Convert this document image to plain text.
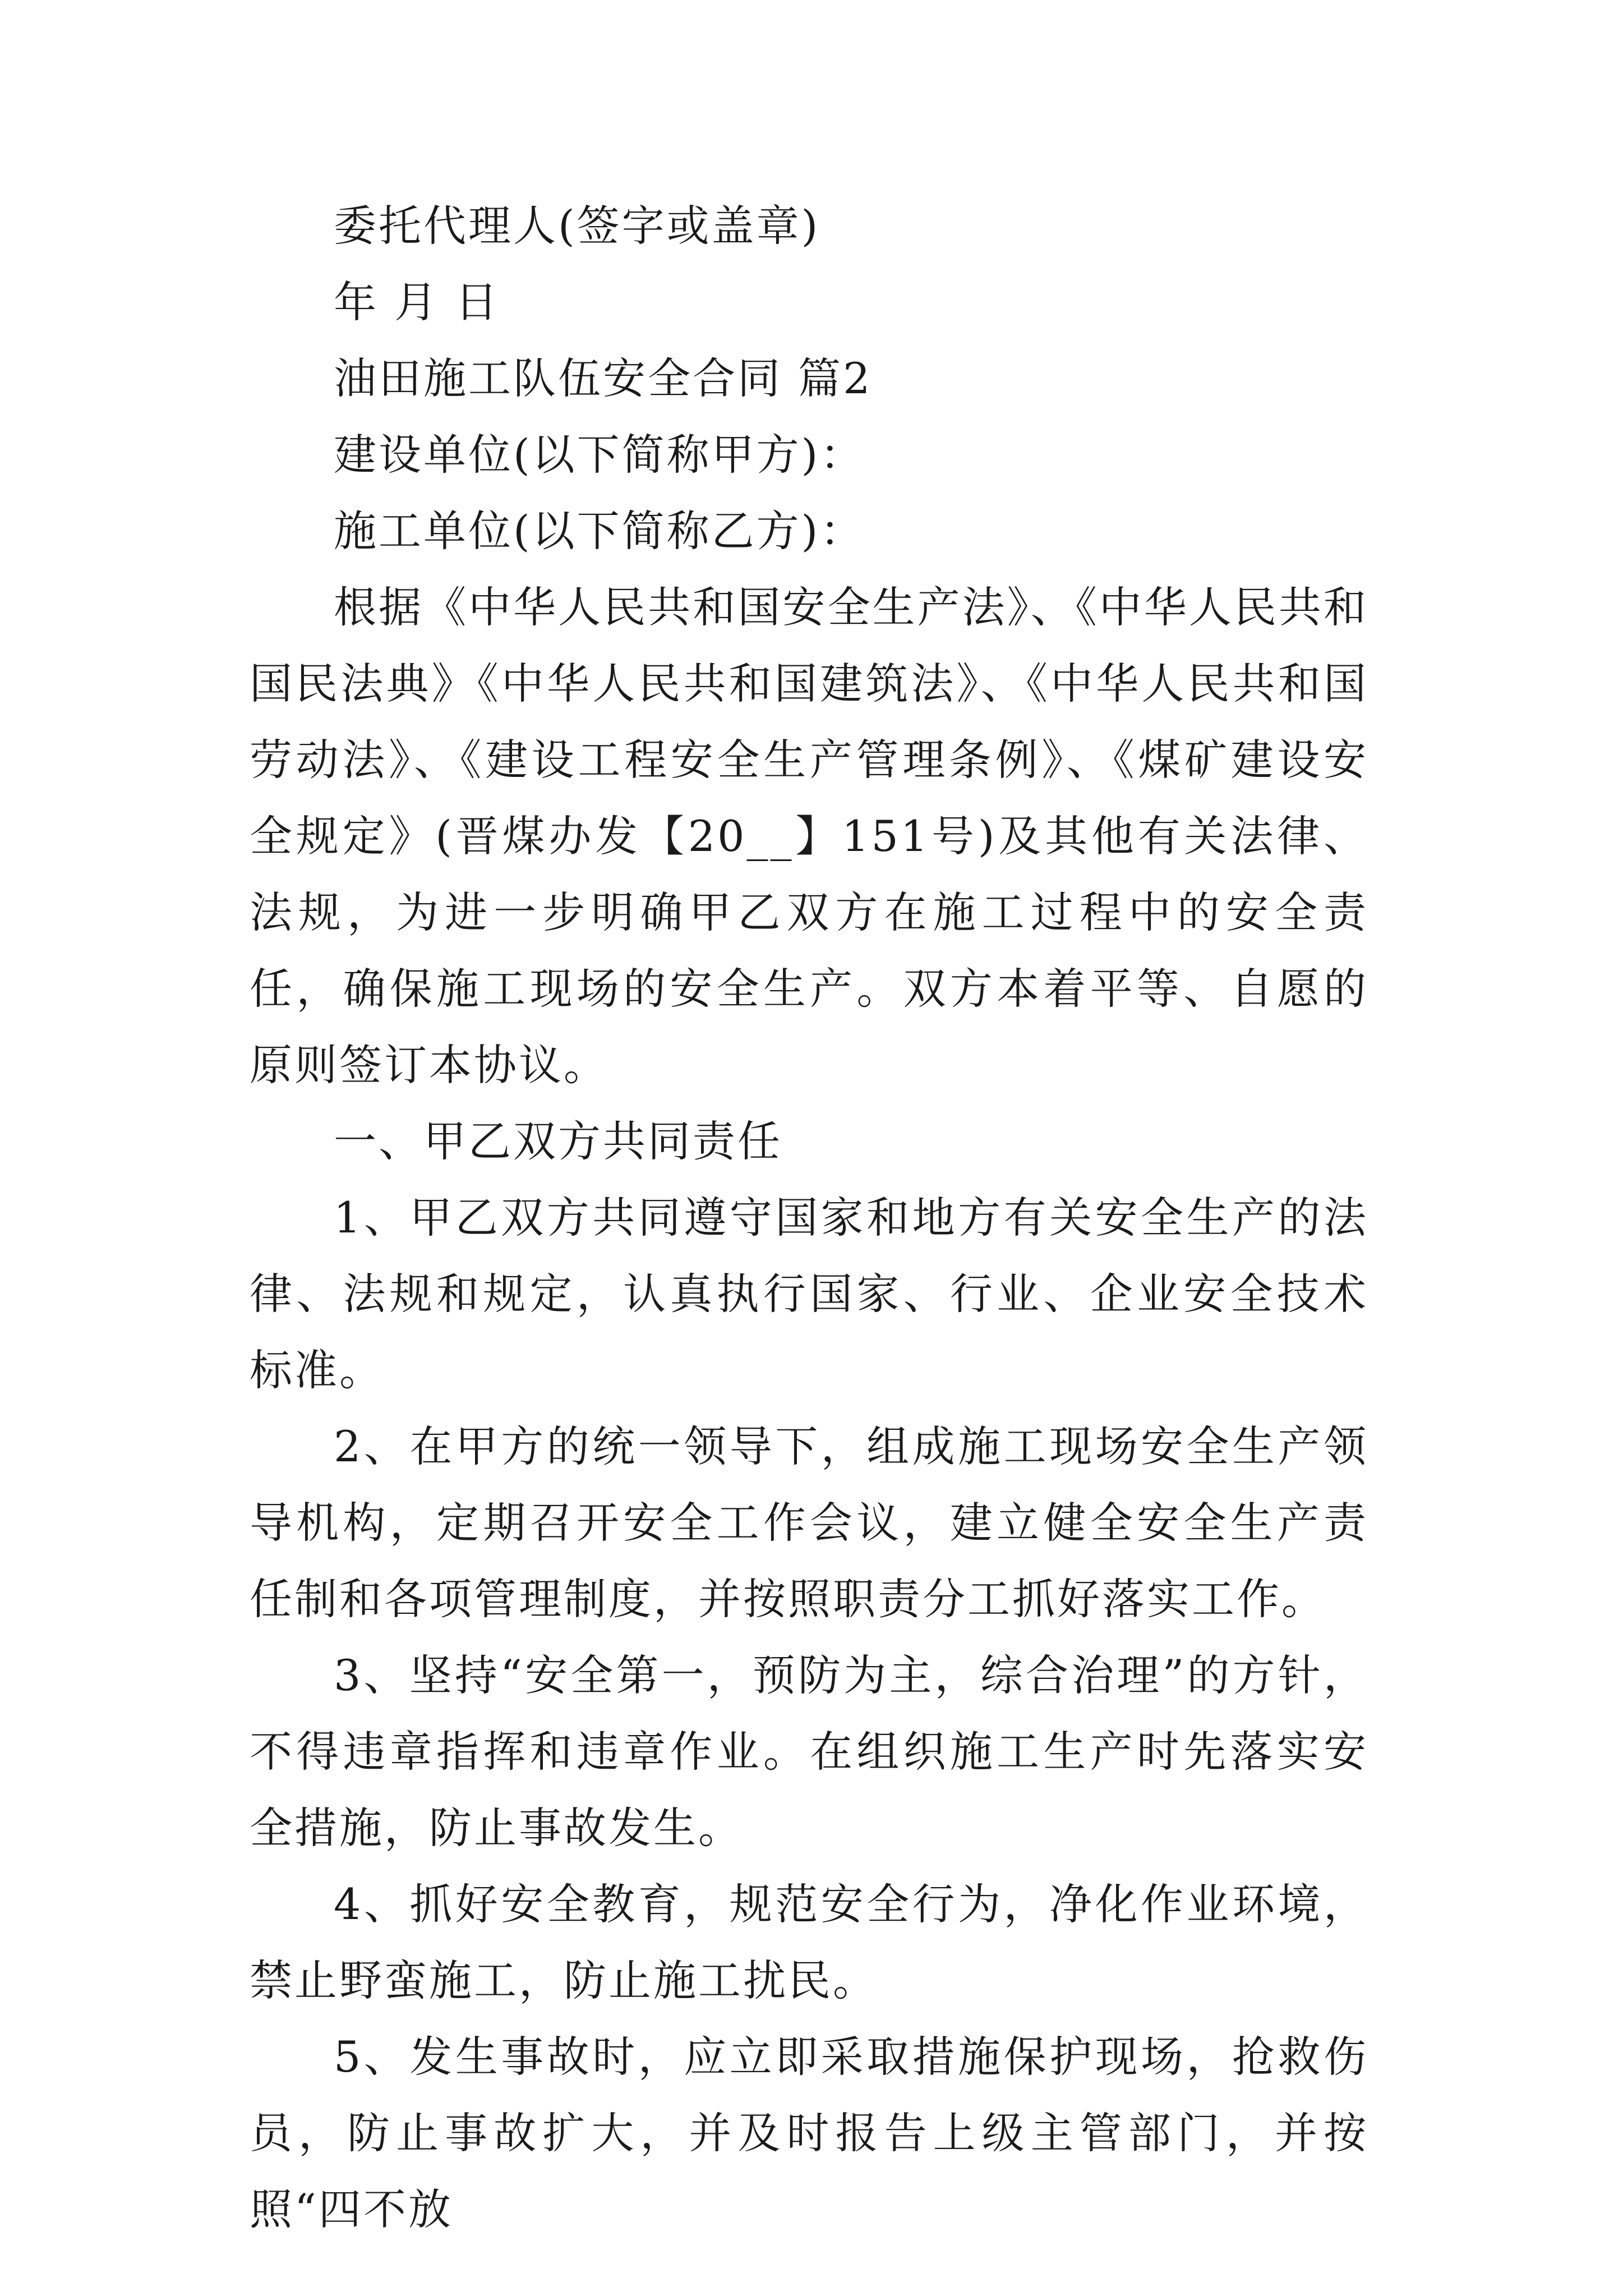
委托代理人(签字或盖章)

年 月 日

油田施工队伍安全合同 篇2

建设单位(以下简称甲方)：

施工单位(以下简称乙方)：

根据《中华人民共和国安全生产法》、《中华人民共和国民法典》《中华人民共和国建筑法》、《中华人民共和国劳动法》、《建设工程安全生产管理条例》、《煤矿建设安全规定》(晋煤办发【20__】151号)及其他有关法律、法规，为进一步明确甲乙双方在施工过程中的安全责任，确保施工现场的安全生产。双方本着平等、自愿的原则签订本协议。

一、甲乙双方共同责任

1、甲乙双方共同遵守国家和地方有关安全生产的法律、法规和规定，认真执行国家、行业、企业安全技术标准。

2、在甲方的统一领导下，组成施工现场安全生产领导机构，定期召开安全工作会议，建立健全安全生产责任制和各项管理制度，并按照职责分工抓好落实工作。

3、坚持“安全第一，预防为主，综合治理”的方针，不得违章指挥和违章作业。在组织施工生产时先落实安全措施，防止事故发生。

4、抓好安全教育，规范安全行为，净化作业环境，禁止野蛮施工，防止施工扰民。

5、发生事故时，应立即采取措施保护现场，抢救伤员，防止事故扩大，并及时报告上级主管部门，并按照“四不放
